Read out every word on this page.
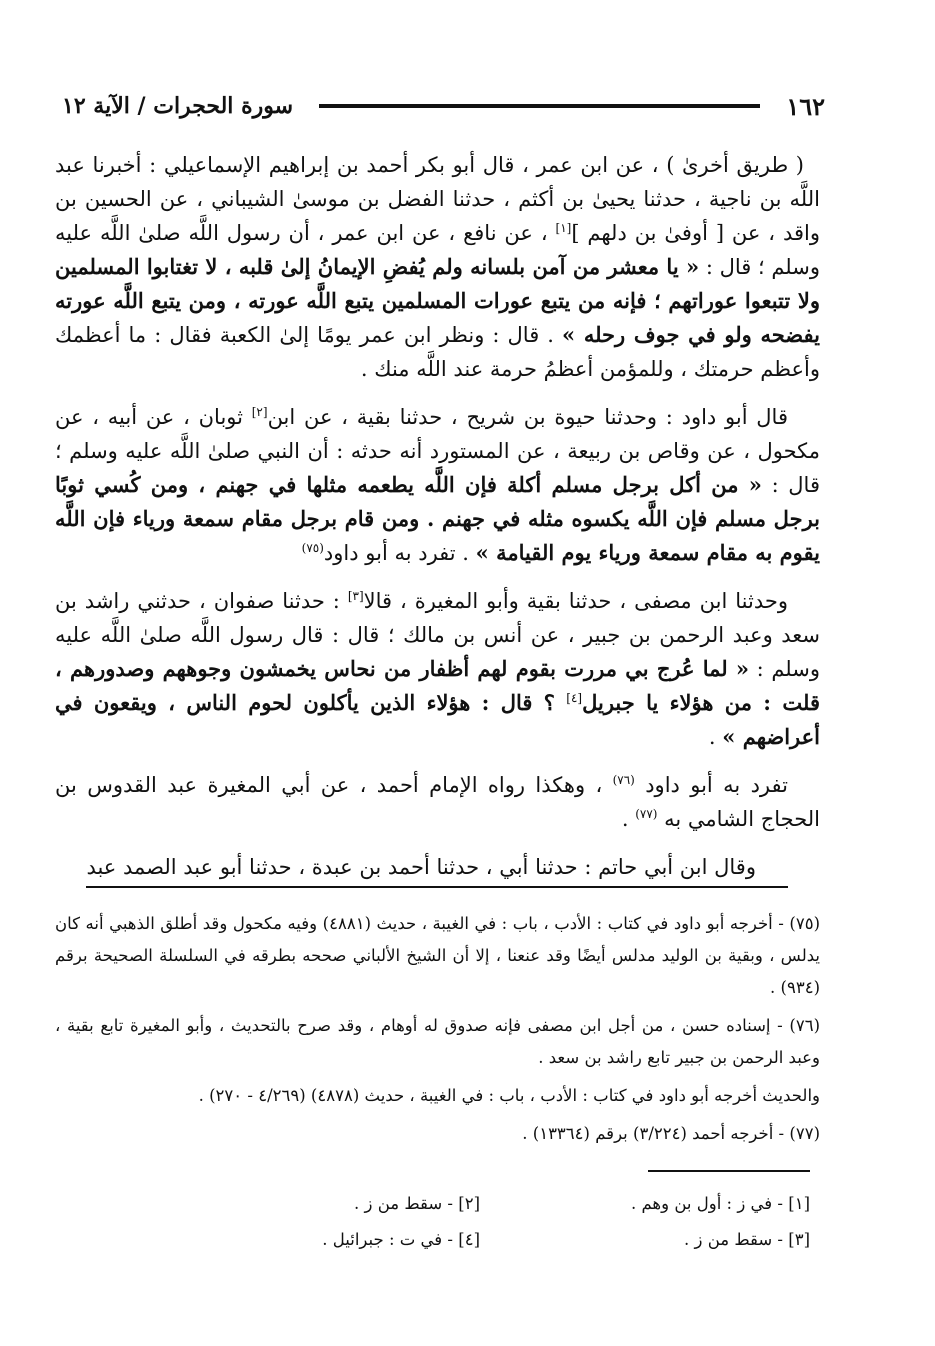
١٦٢
سورة الحجرات / الآية ١٢

( طريق أخرىٰ ) ، عن ابن عمر ، قال أبو بكر أحمد بن إبراهيم الإسماعيلي : أخبرنا عبد اللَّه بن ناجية ، حدثنا يحيىٰ بن أكثم ، حدثنا الفضل بن موسىٰ الشيباني ، عن الحسين بن واقد ، عن [ أوفىٰ بن دلهم ][١] ، عن نافع ، عن ابن عمر ، أن رسول اللَّه صلىٰ اللَّه عليه وسلم ؛ قال : « يا معشر من آمن بلسانه ولم يُفضِ الإيمانُ إلىٰ قلبه ، لا تغتابوا المسلمين ولا تتبعوا عوراتهم ؛ فإنه من يتبع عورات المسلمين يتبع اللَّه عورته ، ومن يتبع اللَّه عورته يفضحه ولو في جوف رحله » . قال : ونظر ابن عمر يومًا إلىٰ الكعبة فقال : ما أعظمك وأعظم حرمتك ، وللمؤمن أعظمُ حرمة عند اللَّه منك .

قال أبو داود : وحدثنا حيوة بن شريح ، حدثنا بقية ، عن ابن[٢] ثوبان ، عن أبيه ، عن مكحول ، عن وقاص بن ربيعة ، عن المستورد أنه حدثه : أن النبي صلىٰ اللَّه عليه وسلم ؛ قال : « من أكل برجل مسلم أكلة فإن اللَّه يطعمه مثلها في جهنم ، ومن كُسي ثوبًا برجل مسلم فإن اللَّه يكسوه مثله في جهنم . ومن قام برجل مقام سمعة ورياء فإن اللَّه يقوم به مقام سمعة ورياء يوم القيامة » . تفرد به أبو داود$^{(٧٥)}$

وحدثنا ابن مصفى ، حدثنا بقية وأبو المغيرة ، قالا[٣] : حدثنا صفوان ، حدثني راشد بن سعد وعبد الرحمن بن جبير ، عن أنس بن مالك ؛ قال : قال رسول اللَّه صلىٰ اللَّه عليه وسلم : « لما عُرج بي مررت بقوم لهم أظفار من نحاس يخمشون وجوههم وصدورهم ، قلت : من هؤلاء يا جبريل[٤] ؟ قال : هؤلاء الذين يأكلون لحوم الناس ، ويقعون في أعراضهم » .

تفرد به أبو داود $^{(٧٦)}$ ، وهكذا رواه الإمام أحمد ، عن أبي المغيرة عبد القدوس بن الحجاج الشامي به $^{(٧٧)}$ .

وقال ابن أبي حاتم : حدثنا أبي ، حدثنا أحمد بن عبدة ، حدثنا أبو عبد الصمد عبد

(٧٥) - أخرجه أبو داود في كتاب : الأدب ، باب : في الغيبة ، حديث (٤٨٨١) وفيه مكحول وقد أطلق الذهبي أنه كان يدلس ، وبقية بن الوليد مدلس أيضًا وقد عنعنا ، إلا أن الشيخ الألباني صححه بطرقه في السلسلة الصحيحة برقم (٩٣٤) .

(٧٦) - إسناده حسن ، من أجل ابن مصفى فإنه صدوق له أوهام ، وقد صرح بالتحديث ، وأبو المغيرة تابع بقية ، وعبد الرحمن بن جبير تابع راشد بن سعد .

والحديث أخرجه أبو داود في كتاب : الأدب ، باب : في الغيبة ، حديث (٤٨٧٨) (٤/٢٦٩ - ٢٧٠) .

(٧٧) - أخرجه أحمد (٣/٢٢٤) برقم (١٣٣٦٤) .

[١] - في ز : أول بن وهم .
[٢] - سقط من ز .
[٣] - سقط من ز .
[٤] - في ت : جبرائيل .
